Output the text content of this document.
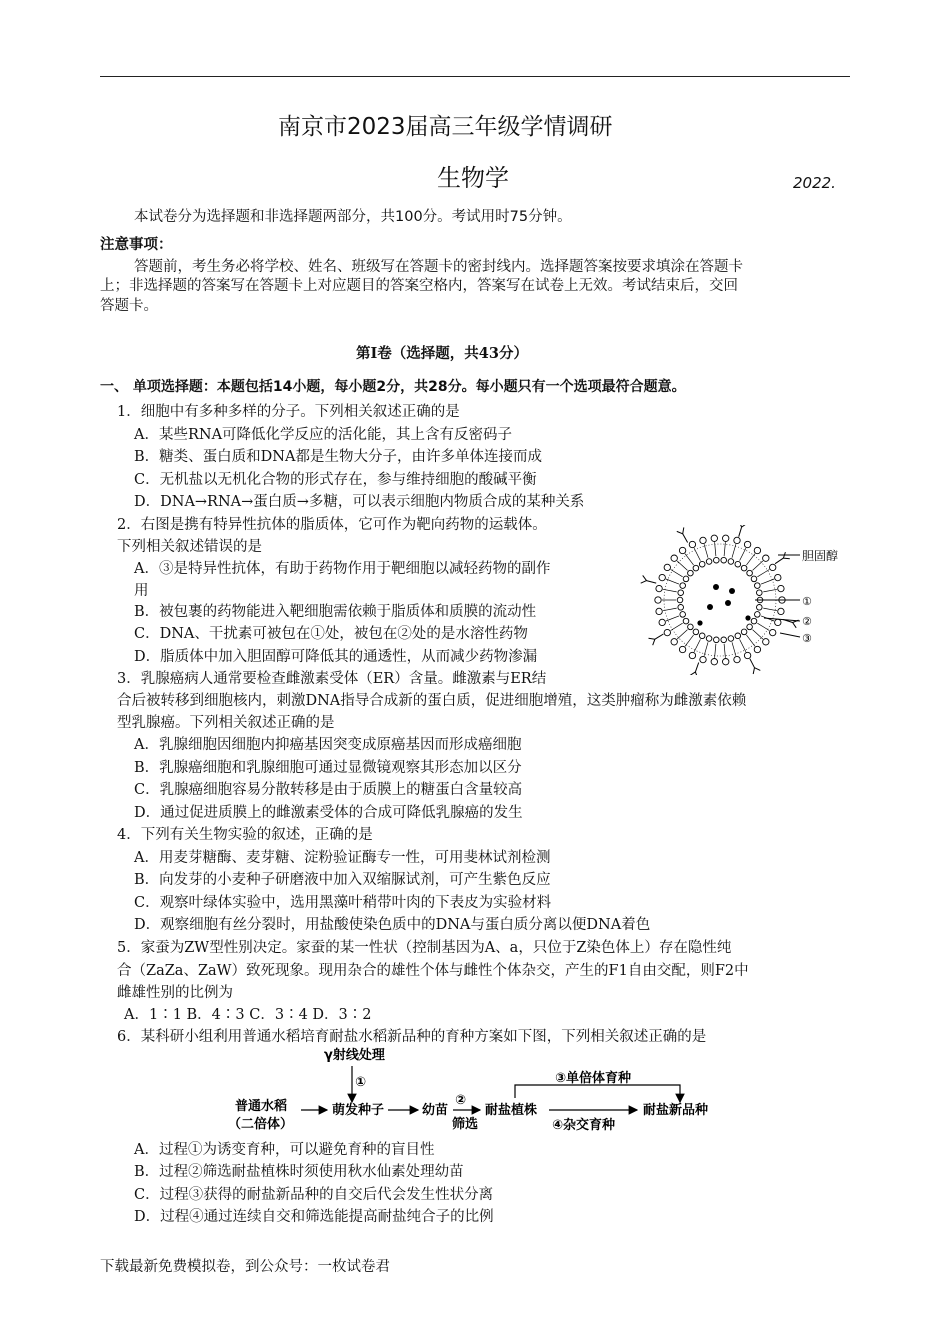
南京市2023届高三年级学情调研
生物学	2022.
本试卷分为选择题和非选择题两部分，共100分。考试用时75分钟。
注意事项：
答题前，考生务必将学校、姓名、班级写在答题卡的密封线内。选择题答案按要求填涂在答题卡
上；非选择题的答案写在答题卡上对应题目的答案空格内，答案写在试卷上无效。考试结束后，交回
答题卡。
第Ⅰ卷（选择题，共43分）
一、 单项选择题：本题包括14小题，每小题2分，共28分。每小题只有一个选项最符合题意。
1．细胞中有多种多样的分子。下列相关叙述正确的是
A．某些RNA可降低化学反应的活化能，其上含有反密码子
B．糖类、蛋白质和DNA都是生物大分子，由许多单体连接而成
C．无机盐以无机化合物的形式存在，参与维持细胞的酸碱平衡
D．DNA→RNA→蛋白质→多糖，可以表示细胞内物质合成的某种关系
2．右图是携有特异性抗体的脂质体，它可作为靶向药物的运载体。
下列相关叙述错误的是
A．③是特异性抗体，有助于药物作用于靶细胞以减轻药物的副作
用
B．被包裹的药物能进入靶细胞需依赖于脂质体和质膜的流动性
C．DNA、干扰素可被包在①处，被包在②处的是水溶性药物
D．脂质体中加入胆固醇可降低其的通透性，从而减少药物渗漏
胆固醇
①
②
③
3．乳腺癌病人通常要检查雌激素受体（ER）含量。雌激素与ER结
合后被转移到细胞核内，刺激DNA指导合成新的蛋白质，促进细胞增殖，这类肿瘤称为雌激素依赖
型乳腺癌。下列相关叙述正确的是
A．乳腺细胞因细胞内抑癌基因突变成原癌基因而形成癌细胞
B．乳腺癌细胞和乳腺细胞可通过显微镜观察其形态加以区分
C．乳腺癌细胞容易分散转移是由于质膜上的糖蛋白含量较高
D．通过促进质膜上的雌激素受体的合成可降低乳腺癌的发生
4．下列有关生物实验的叙述，正确的是
A．用麦芽糖酶、麦芽糖、淀粉验证酶专一性，可用斐林试剂检测
B．向发芽的小麦种子研磨液中加入双缩脲试剂，可产生紫色反应
C．观察叶绿体实验中，选用黑藻叶稍带叶肉的下表皮为实验材料
D．观察细胞有丝分裂时，用盐酸使染色质中的DNA与蛋白质分离以便DNA着色
5．家蚕为ZW型性别决定。家蚕的某一性状（控制基因为A、a，只位于Z染色体上）存在隐性纯
合（ZaZa、ZaW）致死现象。现用杂合的雄性个体与雌性个体杂交，产生的F1自由交配，则F2中
雌雄性别的比例为
A．1∶1 B．4∶3 C．3∶4 D．3∶2
6．某科研小组利用普通水稻培育耐盐水稻新品种的育种方案如下图，下列相关叙述正确的是
γ射线处理
①
普通水稻
（二倍体）
萌发种子	幼苗
②
筛选
耐盐植株
③单倍体育种
④杂交育种
耐盐新品种
A．过程①为诱变育种，可以避免育种的盲目性
B．过程②筛选耐盐植株时须使用秋水仙素处理幼苗
C．过程③获得的耐盐新品种的自交后代会发生性状分离
D．过程④通过连续自交和筛选能提高耐盐纯合子的比例
下载最新免费模拟卷，到公众号：一枚试卷君
